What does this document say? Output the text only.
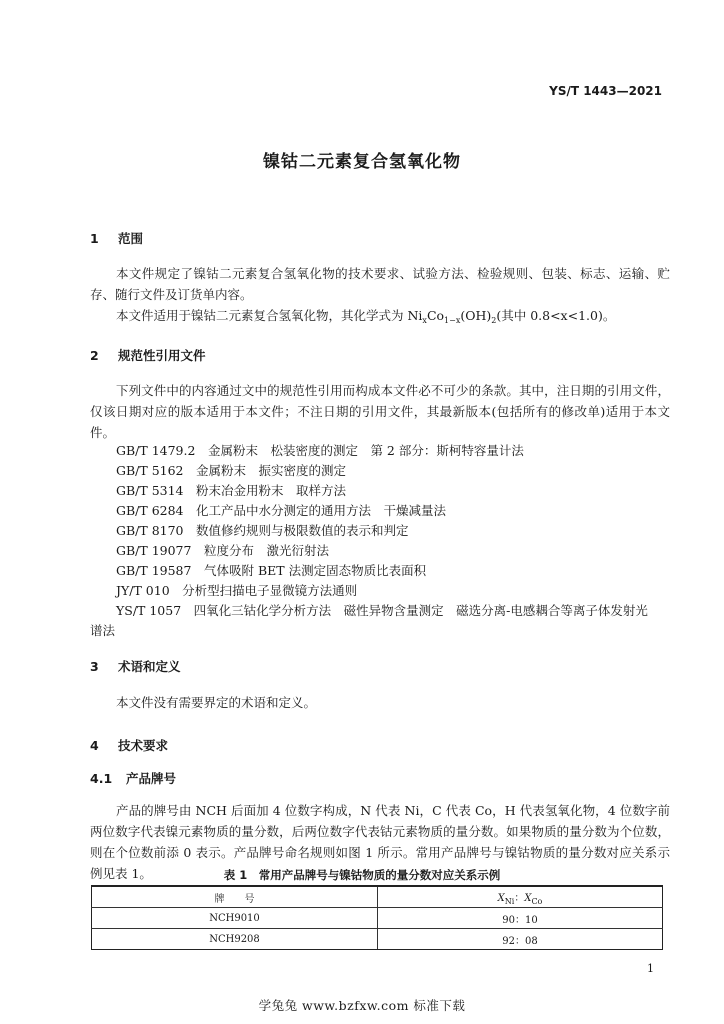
YS/T 1443—2021
镍钴二元素复合氢氧化物
1 范围
本文件规定了镍钴二元素复合氢氧化物的技术要求、试验方法、检验规则、包装、标志、运输、贮存、随行文件及订货单内容。
本文件适用于镍钴二元素复合氢氧化物，其化学式为 $Ni_xCo_{1-x}(OH)_2$(其中 0.8<x<1.0)。
2 规范性引用文件
下列文件中的内容通过文中的规范性引用而构成本文件必不可少的条款。其中，注日期的引用文件，仅该日期对应的版本适用于本文件；不注日期的引用文件，其最新版本(包括所有的修改单)适用于本文件。
GB/T 1479.2　 金属粉末　松装密度的测定　第 2 部分：斯柯特容量计法
GB/T 5162　 金属粉末　振实密度的测定
GB/T 5314　 粉末冶金用粉末　取样方法
GB/T 6284　 化工产品中水分测定的通用方法　干燥减量法
GB/T 8170　 数值修约规则与极限数值的表示和判定
GB/T 19077　 粒度分布　激光衍射法
GB/T 19587　 气体吸附 BET 法测定固态物质比表面积
JY/T 010　 分析型扫描电子显微镜方法通则
YS/T 1057　 四氧化三钴化学分析方法　磁性异物含量测定　磁选分离-电感耦合等离子体发射光
谱法
3 术语和定义
本文件没有需要界定的术语和定义。
4 技术要求
4.1 产品牌号
产品的牌号由 NCH 后面加 4 位数字构成，N 代表 Ni，C 代表 Co，H 代表氢氧化物，4 位数字前两位数字代表镍元素物质的量分数，后两位数字代表钴元素物质的量分数。如果物质的量分数为个位数，则在个位数前添 0 表示。产品牌号命名规则如图 1 所示。常用产品牌号与镍钴物质的量分数对应关系示例见表 1。	表 1　常用产品牌号与镍钴物质的量分数对应关系示例
牌　　号	$X_{Ni}$：$X_{Co}$
NCH9010	90：10
NCH9208	92：08
1
学兔兔 www.bzfxw.com 标准下载
